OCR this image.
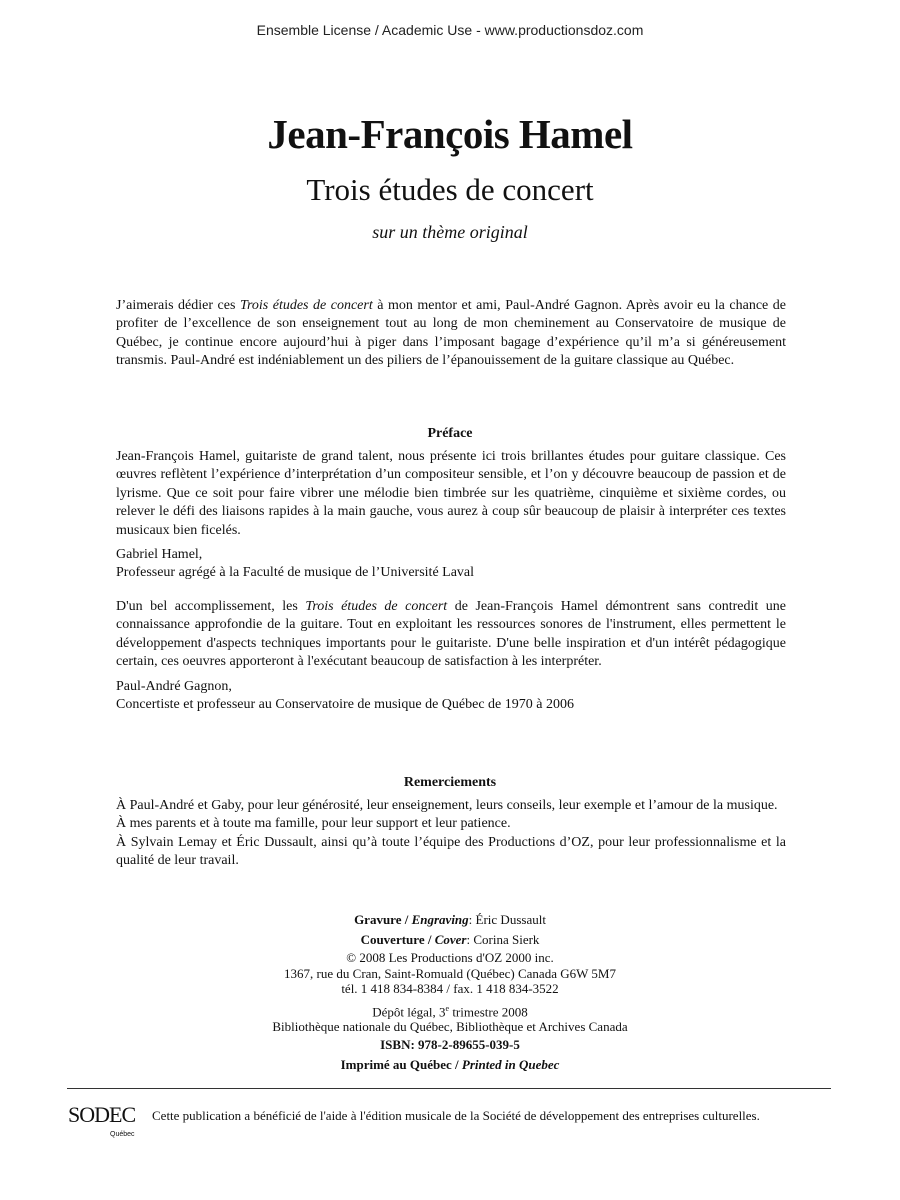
Ensemble License / Academic Use - www.productionsdoz.com
Jean-François Hamel
Trois études de concert
sur un thème original

J’aimerais dédier ces Trois études de concert à mon mentor et ami, Paul-André Gagnon. Après avoir eu la chance de profiter de l’excellence de son enseignement tout au long de mon cheminement au Conservatoire de musique de Québec, je continue encore aujourd’hui à piger dans l’imposant bagage d’expérience qu’il m’a si généreusement transmis. Paul-André est indéniablement un des piliers de l’épanouissement de la guitare classique au Québec.

Préface

Jean-François Hamel, guitariste de grand talent, nous présente ici trois brillantes études pour guitare classique. Ces œuvres reflètent l’expérience d’interprétation d’un compositeur sensible, et l’on y découvre beaucoup de passion et de lyrisme. Que ce soit pour faire vibrer une mélodie bien timbrée sur les quatrième, cinquième et sixième cordes, ou relever le défi des liaisons rapides à la main gauche, vous aurez à coup sûr beaucoup de plaisir à interpréter ces textes musicaux bien ficelés.

Gabriel Hamel,

Professeur agrégé à la Faculté de musique de l’Université Laval

D'un bel accomplissement, les Trois études de concert de Jean-François Hamel démontrent sans contredit une connaissance approfondie de la guitare. Tout en exploitant les ressources sonores de l'instrument, elles permettent le développement d'aspects techniques importants pour le guitariste. D'une belle inspiration et d'un intérêt pédagogique certain, ces oeuvres apporteront à l'exécutant beaucoup de satisfaction à les interpréter.

Paul-André Gagnon,

Concertiste et professeur au Conservatoire de musique de Québec de 1970 à 2006

Remerciements

À Paul-André et Gaby, pour leur générosité, leur enseignement, leurs conseils, leur exemple et l’amour de la musique.

À mes parents et à toute ma famille, pour leur support et leur patience.

À Sylvain Lemay et Éric Dussault, ainsi qu’à toute l’équipe des Productions d’OZ, pour leur professionnalisme et la qualité de leur travail.

Gravure / Engraving: Éric Dussault
Couverture / Cover: Corina Sierk
© 2008 Les Productions d'OZ 2000 inc.
1367, rue du Cran, Saint-Romuald (Québec) Canada G6W 5M7
tél. 1 418 834-8384 / fax. 1 418 834-3522
Dépôt légal, 3e trimestre 2008
Bibliothèque nationale du Québec, Bibliothèque et Archives Canada
ISBN: 978-2-89655-039-5
Imprimé au Québec / Printed in Quebec
SODEC
Québec
Cette publication a bénéficié de l'aide à l'édition musicale de la Société de développement des entreprises culturelles.
